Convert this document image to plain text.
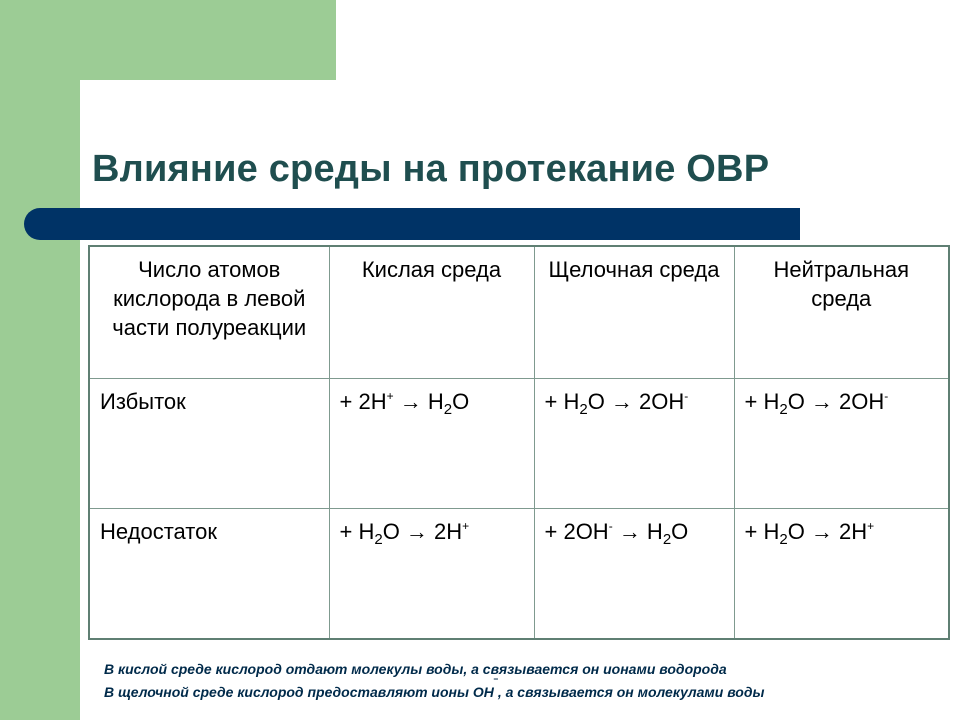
Влияние среды на протекание ОВР
Число атомов кислорода в левой части полуреакции	Кислая среда	Щелочная среда	Нейтральная среда
Избыток	+ $2H^+ \to H_2O$	+ $H_2O \to 2OH^-$	+ $H_2O \to 2OH^-$
Недостаток	+ $H_2O \to 2H^+$	+ $2OH^- \to H_2O$	+ $H_2O \to 2H^+$
В кислой среде кислород отдают молекулы воды, а связывается он ионами водорода
В щелочной среде кислород предоставляют ионы OH‾, а связывается он молекулами воды
